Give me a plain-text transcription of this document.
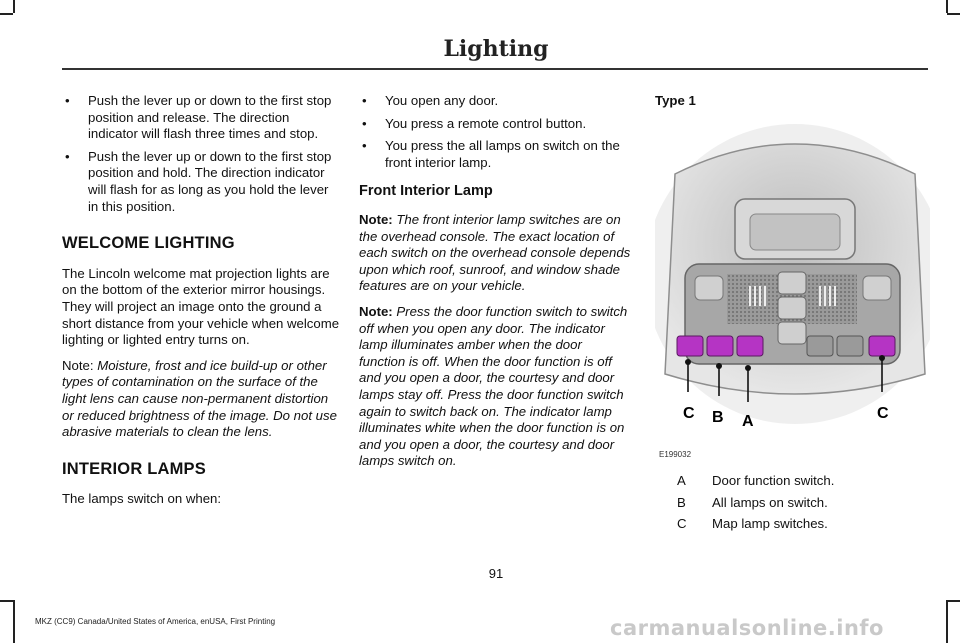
Lighting
• Push the lever up or down to the first stop position and release. The direction indicator will flash three times and stop.
• Push the lever up or down to the first stop position and hold. The direction indicator will flash for as long as you hold the lever in this position.
WELCOME LIGHTING

The Lincoln welcome mat projection lights are on the bottom of the exterior mirror housings. They will project an image onto the ground a short distance from your vehicle when welcome lighting or lighted entry turns on.

Note: Moisture, frost and ice build-up or other types of contamination on the surface of the light lens can cause non-permanent distortion or reduced brightness of the image. Do not use abrasive materials to clean the lens.

INTERIOR LAMPS

The lamps switch on when:

• You open any door.
• You press a remote control button.
• You press the all lamps on switch on the front interior lamp.
Front Interior Lamp

Note: The front interior lamp switches are on the overhead console. The exact location of each switch on the overhead console depends upon which roof, sunroof, and window shade features are on your vehicle.

Note: Press the door function switch to switch off when you open any door. The indicator lamp illuminates amber when the door function is off. When the door function is off and you open a door, the courtesy and door lamps stay off. Press the door function switch again to switch back on. The indicator lamp illuminates white when the door function is on and you open a door, the courtesy and door lamps switch on.

Type 1
C B A	C
E199032
A	Door function switch.
B	All lamps on switch.
C	Map lamp switches.
91
MKZ (CC9) Canada/United States of America, enUSA, First Printing	carmanualsonline.info
